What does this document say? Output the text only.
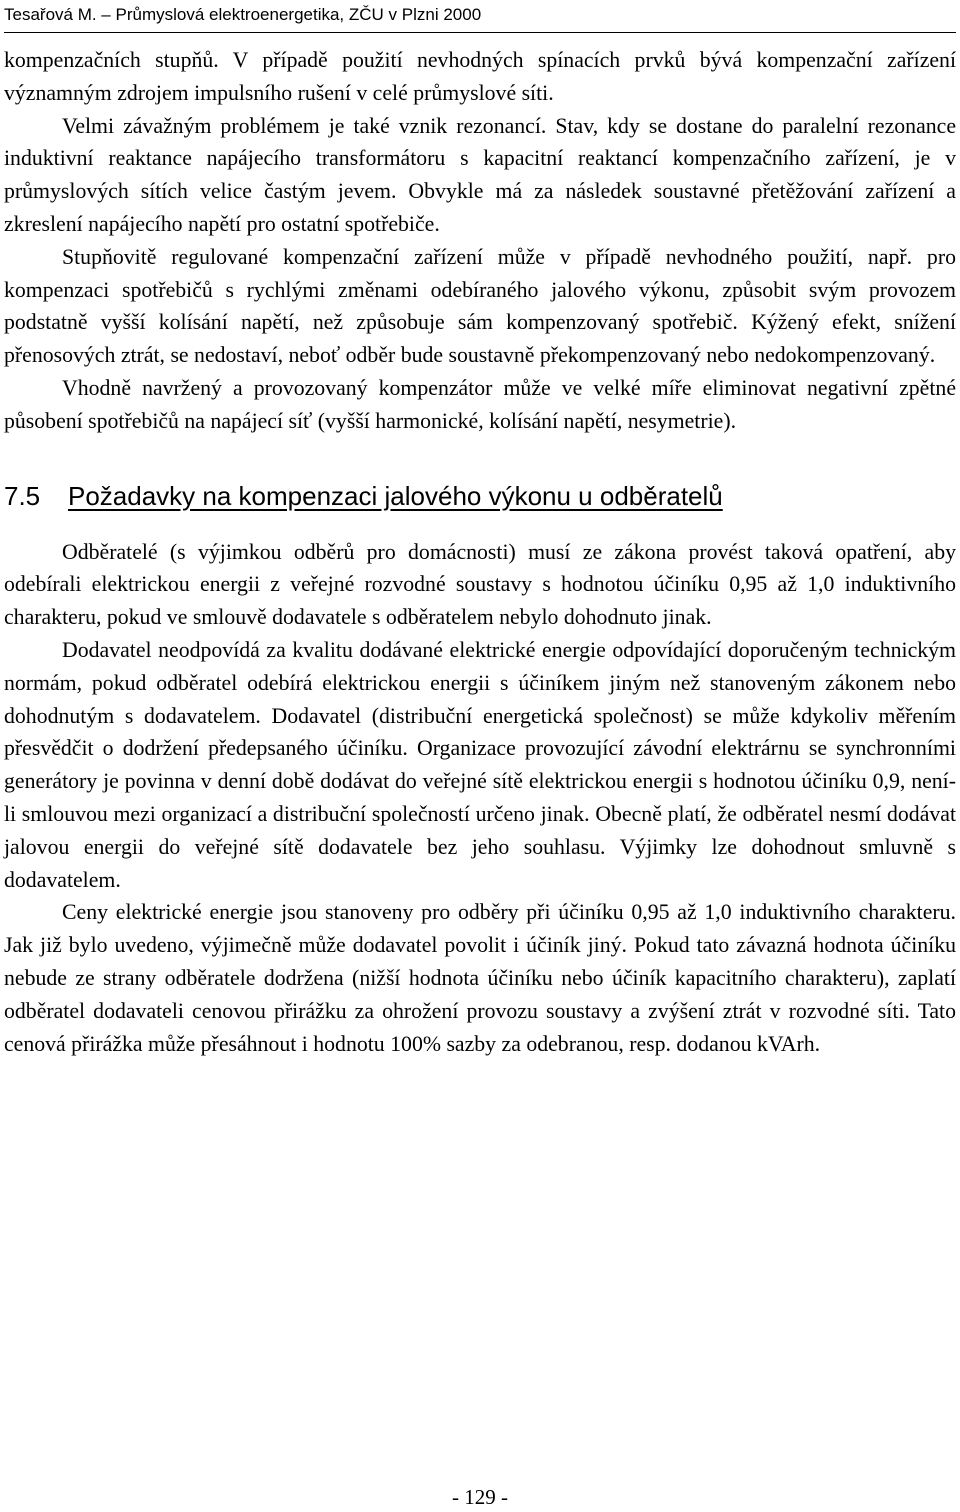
Tesařová M. – Průmyslová elektroenergetika, ZČU v Plzni 2000

kompenzačních stupňů. V případě použití nevhodných spínacích prvků bývá kompenzační zařízení významným zdrojem impulsního rušení v celé průmyslové síti.

Velmi závažným problémem je také vznik rezonancí. Stav, kdy se dostane do paralelní rezonance induktivní reaktance napájecího transformátoru s kapacitní reaktancí kompenzačního zařízení, je v průmyslových sítích velice častým jevem. Obvykle má za následek soustavné přetěžování zařízení a zkreslení napájecího napětí pro ostatní spotřebiče.

Stupňovitě regulované kompenzační zařízení může v případě nevhodného použití, např. pro kompenzaci spotřebičů s rychlými změnami odebíraného jalového výkonu, způsobit svým provozem podstatně vyšší kolísání napětí, než způsobuje sám kompenzovaný spotřebič. Kýžený efekt, snížení přenosových ztrát, se nedostaví, neboť odběr bude soustavně překompenzovaný nebo nedokompenzovaný.

Vhodně navržený a provozovaný kompenzátor může ve velké míře eliminovat negativní zpětné působení spotřebičů na napájecí síť (vyšší harmonické, kolísání napětí, nesymetrie).

7.5 Požadavky na kompenzaci jalového výkonu u odběratelů

Odběratelé (s výjimkou odběrů pro domácnosti) musí ze zákona provést taková opatření, aby odebírali elektrickou energii z veřejné rozvodné soustavy s hodnotou účiníku 0,95 až 1,0 induktivního charakteru, pokud ve smlouvě dodavatele s odběratelem nebylo dohodnuto jinak.

Dodavatel neodpovídá za kvalitu dodávané elektrické energie odpovídající doporučeným technickým normám, pokud odběratel odebírá elektrickou energii s účiníkem jiným než stanoveným zákonem nebo dohodnutým s dodavatelem. Dodavatel (distribuční energetická společnost) se může kdykoliv měřením přesvědčit o dodržení předepsaného účiníku. Organizace provozující závodní elektrárnu se synchronními generátory je povinna v denní době dodávat do veřejné sítě elektrickou energii s hodnotou účiníku 0,9, není-li smlouvou mezi organizací a distribuční společností určeno jinak. Obecně platí, že odběratel nesmí dodávat jalovou energii do veřejné sítě dodavatele bez jeho souhlasu. Výjimky lze dohodnout smluvně s dodavatelem.

Ceny elektrické energie jsou stanoveny pro odběry při účiníku 0,95 až 1,0 induktivního charakteru. Jak již bylo uvedeno, výjimečně může dodavatel povolit i účiník jiný. Pokud tato závazná hodnota účiníku nebude ze strany odběratele dodržena (nižší hodnota účiníku nebo účiník kapacitního charakteru), zaplatí odběratel dodavateli cenovou přirážku za ohrožení provozu soustavy a zvýšení ztrát v rozvodné síti. Tato cenová přirážka může přesáhnout i hodnotu 100% sazby za odebranou, resp. dodanou kVArh.

- 129 -
